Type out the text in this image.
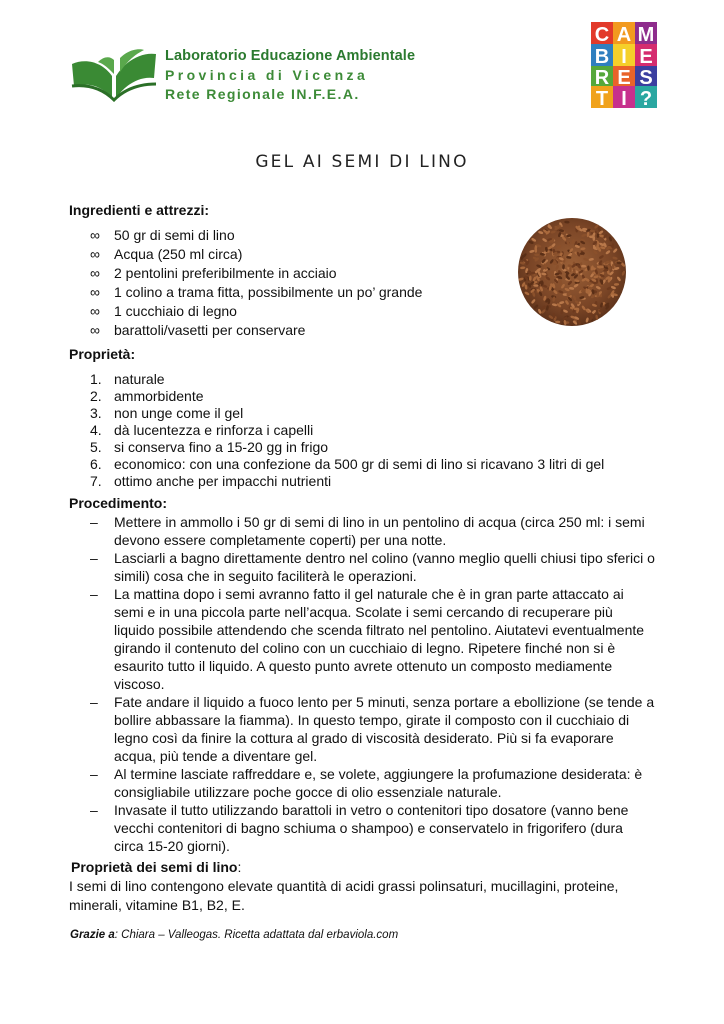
Laboratorio Educazione Ambientale
Provincia di Vicenza
Rete Regionale IN.F.E.A.
C A M
B I E
R E S
T I ?
GEL AI SEMI DI LINO
Ingredienti e attrezzi:
∞	50 gr di semi di lino
∞	Acqua (250 ml circa)
∞	2 pentolini preferibilmente in acciaio
∞	1 colino a trama fitta, possibilmente un po’ grande
∞	1 cucchiaio di legno
∞	barattoli/vasetti per conservare
Proprietà:
1. naturale
2. ammorbidente
3. non unge come il gel
4. dà lucentezza e rinforza i capelli
5. si conserva fino a 15-20 gg in frigo
6. economico: con una confezione da 500 gr di semi di lino si ricavano 3 litri di gel
7. ottimo anche per impacchi nutrienti
Procedimento:
– Mettere in ammollo i 50 gr di semi di lino in un pentolino di acqua (circa 250 ml: i semi devono essere completamente coperti) per una notte.
– Lasciarli a bagno direttamente dentro nel colino (vanno meglio quelli chiusi tipo sferici o simili) cosa che in seguito faciliterà le operazioni.
– La mattina dopo i semi avranno fatto il gel naturale che è in gran parte attaccato ai semi e in una piccola parte nell’acqua. Scolate i semi cercando di recuperare più liquido possibile attendendo che scenda filtrato nel pentolino. Aiutatevi eventualmente girando il contenuto del colino con un cucchiaio di legno. Ripetere finché non si è esaurito tutto il liquido. A questo punto avrete ottenuto un composto mediamente viscoso.
– Fate andare il liquido a fuoco lento per 5 minuti, senza portare a ebollizione (se tende a bollire abbassare la fiamma). In questo tempo, girate il composto con il cucchiaio di legno così da finire la cottura al grado di viscosità desiderato. Più si fa evaporare acqua, più tende a diventare gel.
– Al termine lasciate raffreddare e, se volete, aggiungere la profumazione desiderata: è consigliabile utilizzare poche gocce di olio essenziale naturale.
– Invasate il tutto utilizzando barattoli in vetro o contenitori tipo dosatore (vanno bene vecchi contenitori di bagno schiuma o shampoo) e conservatelo in frigorifero (dura circa 15-20 giorni).
Proprietà dei semi di lino:
I semi di lino contengono elevate quantità di acidi grassi polinsaturi, mucillagini, proteine, minerali, vitamine B1, B2, E.
Grazie a: Chiara – Valleogas. Ricetta adattata dal erbaviola.com
